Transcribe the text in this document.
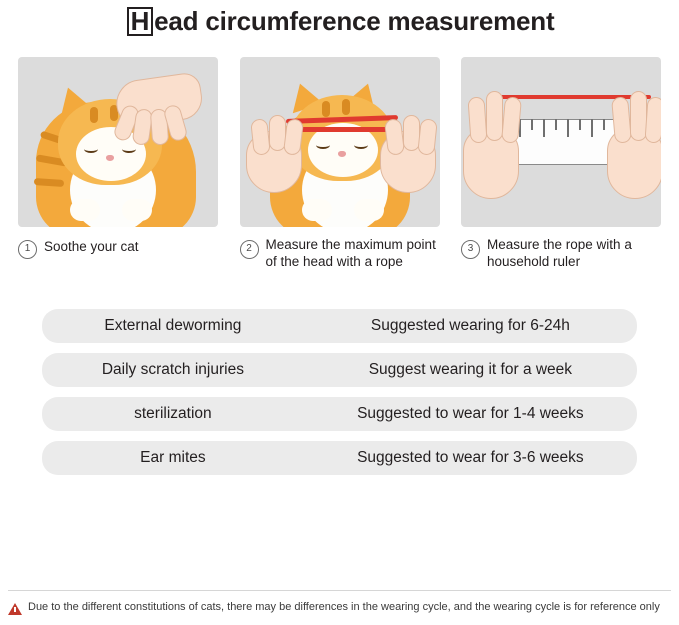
H ead circumference measurement
1	Soothe your cat	2	Measure the maximum point of the head with a rope
3	Measure the rope with a household ruler
External deworming	Suggested wearing for 6-24h
Daily scratch injuries	Suggest wearing it for a week
sterilization	Suggested to wear for 1-4 weeks
Ear mites	Suggested to wear for 3-6 weeks
Due to the different constitutions of cats, there may be differences in the wearing cycle, and the wearing cycle is for reference only
